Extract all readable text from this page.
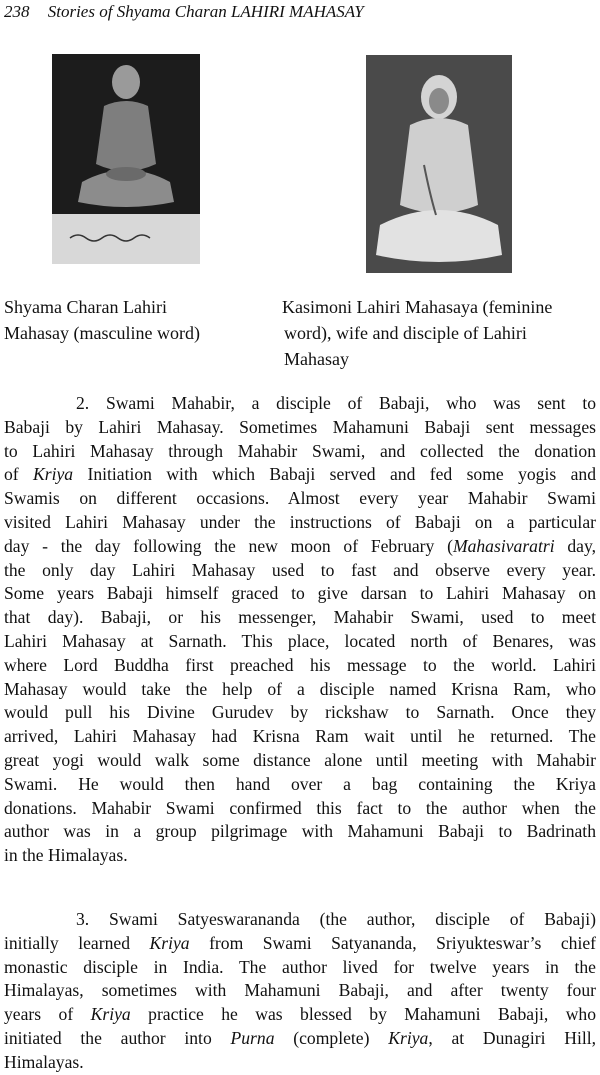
238 Stories of Shyama Charan LAHIRI MAHASAY
Shyama Charan Lahiri
Mahasay (masculine word)
Kasimoni Lahiri Mahasaya (feminine
word), wife and disciple of Lahiri
Mahasay
2. Swami Mahabir, a disciple of Babaji, who was sent to
Babaji by Lahiri Mahasay. Sometimes Mahamuni Babaji sent messages
to Lahiri Mahasay through Mahabir Swami, and collected the donation
of Kriya Initiation with which Babaji served and fed some yogis and
Swamis on different occasions. Almost every year Mahabir Swami
visited Lahiri Mahasay under the instructions of Babaji on a particular
day - the day following the new moon of February (Mahasivaratri day,
the only day Lahiri Mahasay used to fast and observe every year.
Some years Babaji himself graced to give darsan to Lahiri Mahasay on
that day). Babaji, or his messenger, Mahabir Swami, used to meet
Lahiri Mahasay at Sarnath. This place, located north of Benares, was
where Lord Buddha first preached his message to the world. Lahiri
Mahasay would take the help of a disciple named Krisna Ram, who
would pull his Divine Gurudev by rickshaw to Sarnath. Once they
arrived, Lahiri Mahasay had Krisna Ram wait until he returned. The
great yogi would walk some distance alone until meeting with Mahabir
Swami. He would then hand over a bag containing the Kriya
donations. Mahabir Swami confirmed this fact to the author when the
author was in a group pilgrimage with Mahamuni Babaji to Badrinath
in the Himalayas.
3. Swami Satyeswarananda (the author, disciple of Babaji)
initially learned Kriya from Swami Satyananda, Sriyukteswar’s chief
monastic disciple in India. The author lived for twelve years in the
Himalayas, sometimes with Mahamuni Babaji, and after twenty four
years of Kriya practice he was blessed by Mahamuni Babaji, who
initiated the author into Purna (complete) Kriya, at Dunagiri Hill,
Himalayas.
